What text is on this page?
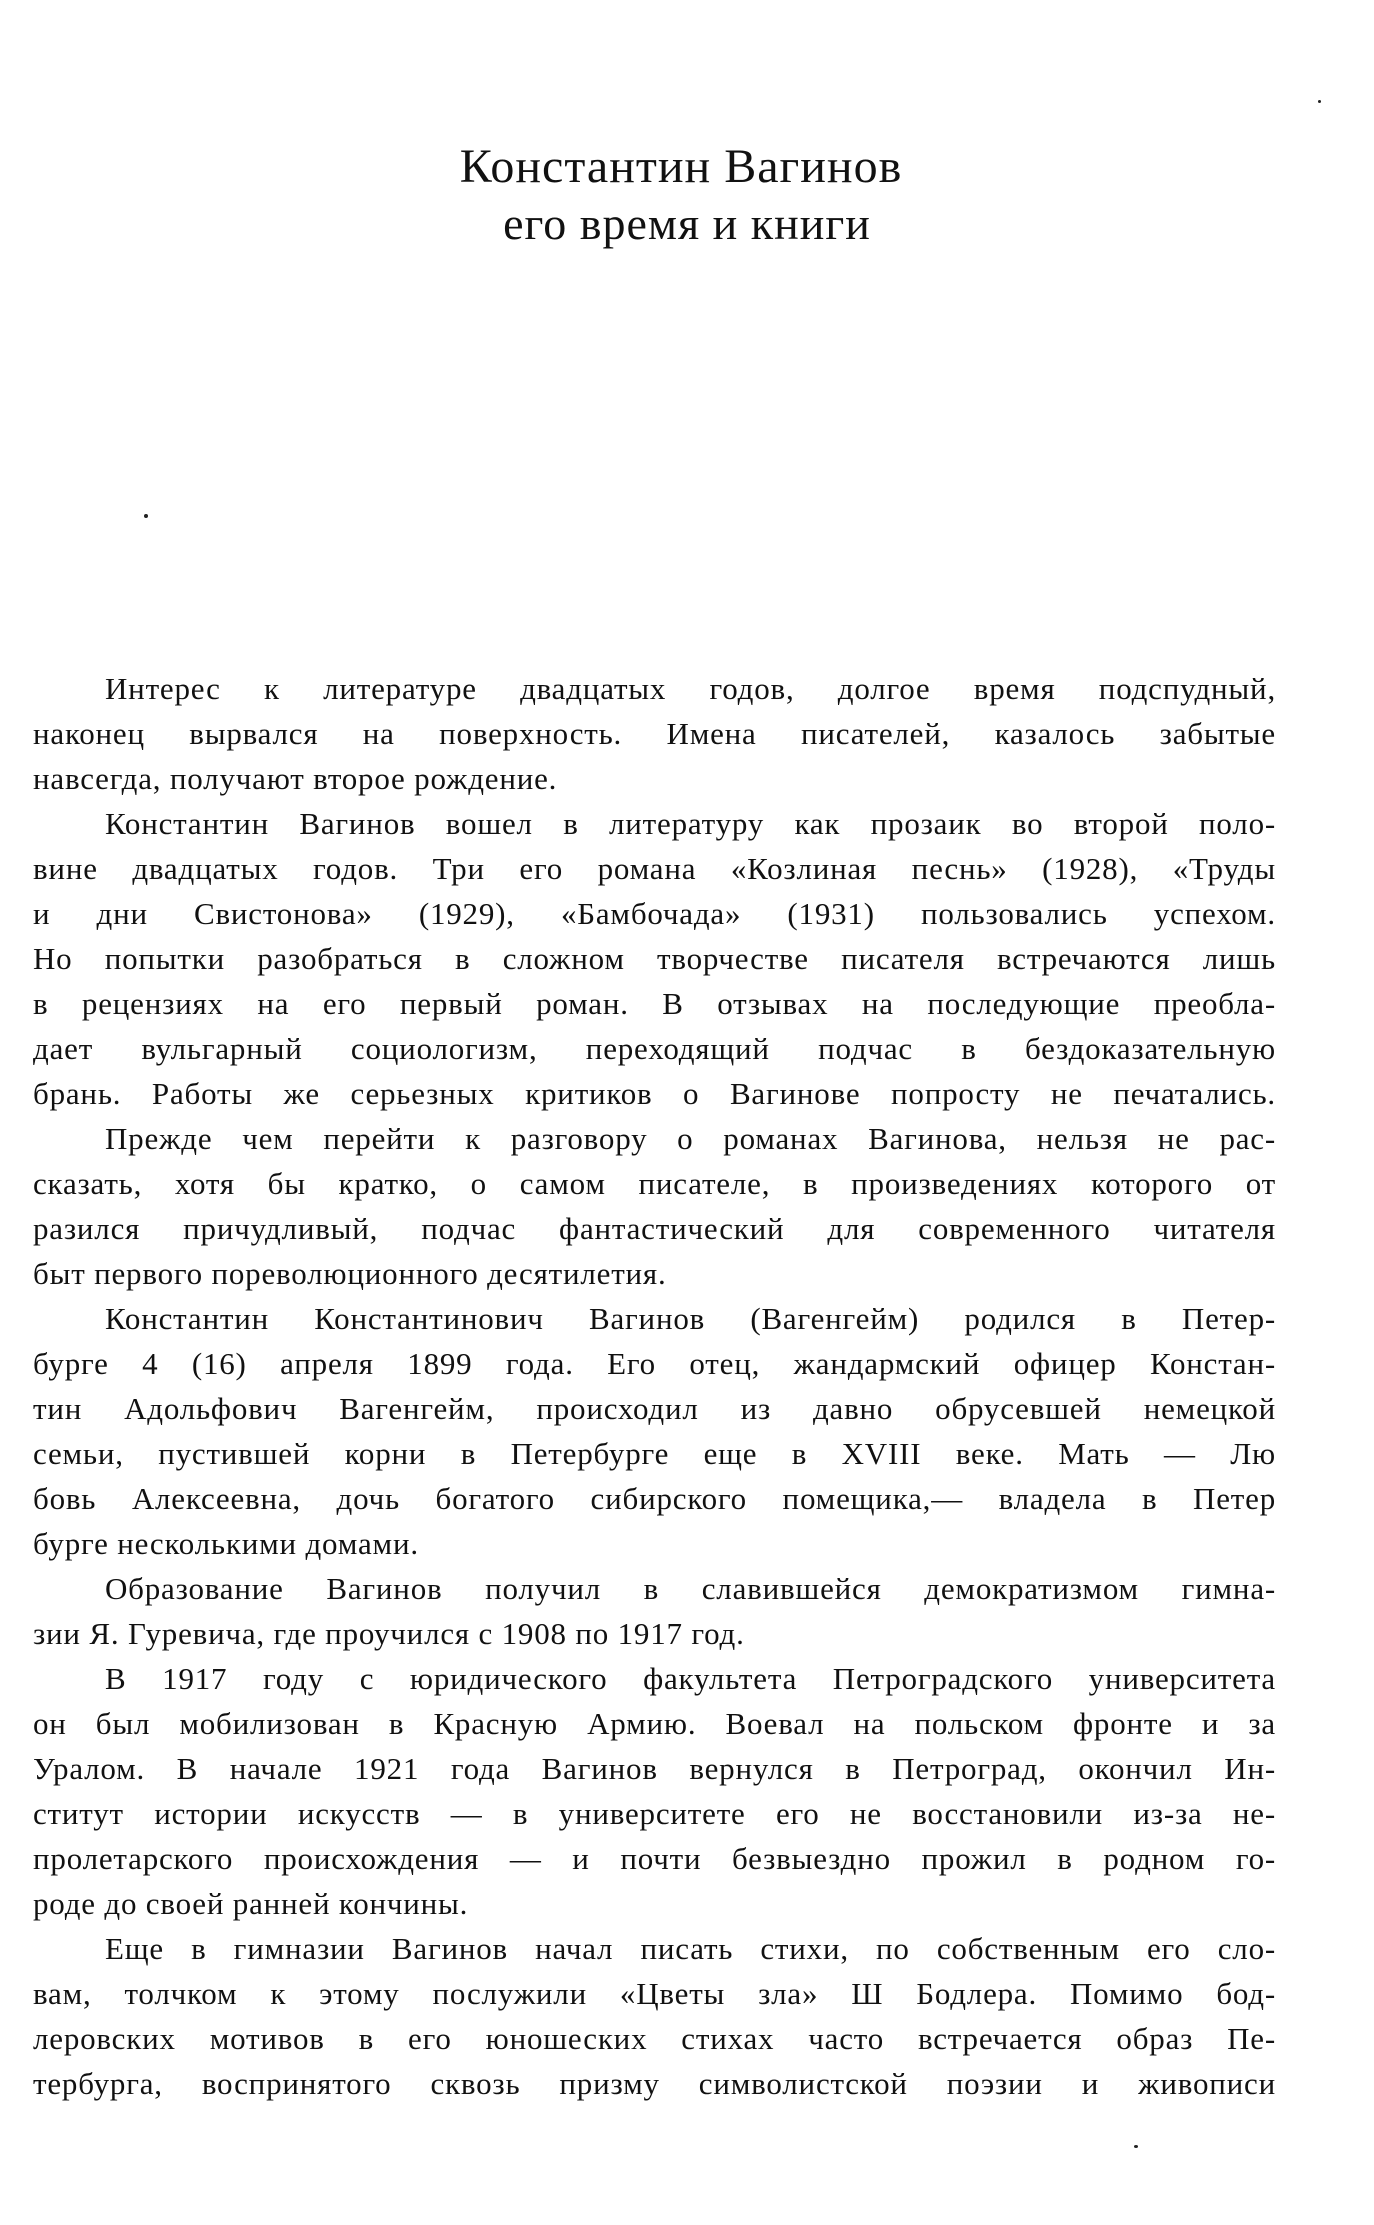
Константин Вагинов
его время и книги
Интерес к литературе двадцатых годов, долгое время подспудный,
наконец вырвался на поверхность. Имена писателей, казалось забытые
навсегда, получают второе рождение.
Константин Вагинов вошел в литературу как прозаик во второй поло-
вине двадцатых годов. Три его романа «Козлиная песнь» (1928), «Труды
и дни Свистонова» (1929), «Бамбочада» (1931) пользовались успехом.
Но попытки разобраться в сложном творчестве писателя встречаются лишь
в рецензиях на его первый роман. В отзывах на последующие преобла-
дает вульгарный социологизм, переходящий подчас в бездоказательную
брань. Работы же серьезных критиков о Вагинове попросту не печатались.
Прежде чем перейти к разговору о романах Вагинова, нельзя не рас-
сказать, хотя бы кратко, о самом писателе, в произведениях которого от
разился причудливый, подчас фантастический для современного читателя
быт первого пореволюционного десятилетия.
Константин Константинович Вагинов (Вагенгейм) родился в Петер-
бурге 4 (16) апреля 1899 года. Его отец, жандармский офицер Констан-
тин Адольфович Вагенгейм, происходил из давно обрусевшей немецкой
семьи, пустившей корни в Петербурге еще в XVIII веке. Мать — Лю
бовь Алексеевна, дочь богатого сибирского помещика,— владела в Петер
бурге несколькими домами.
Образование Вагинов получил в славившейся демократизмом гимна-
зии Я. Гуревича, где проучился с 1908 по 1917 год.
В 1917 году с юридического факультета Петроградского университета
он был мобилизован в Красную Армию. Воевал на польском фронте и за
Уралом. В начале 1921 года Вагинов вернулся в Петроград, окончил Ин-
ститут истории искусств — в университете его не восстановили из-за не-
пролетарского происхождения — и почти безвыездно прожил в родном го-
роде до своей ранней кончины.
Еще в гимназии Вагинов начал писать стихи, по собственным его сло-
вам, толчком к этому послужили «Цветы зла» Ш Бодлера. Помимо бод-
леровских мотивов в его юношеских стихах часто встречается образ Пе-
тербурга, воспринятого сквозь призму символистской поэзии и живописи
